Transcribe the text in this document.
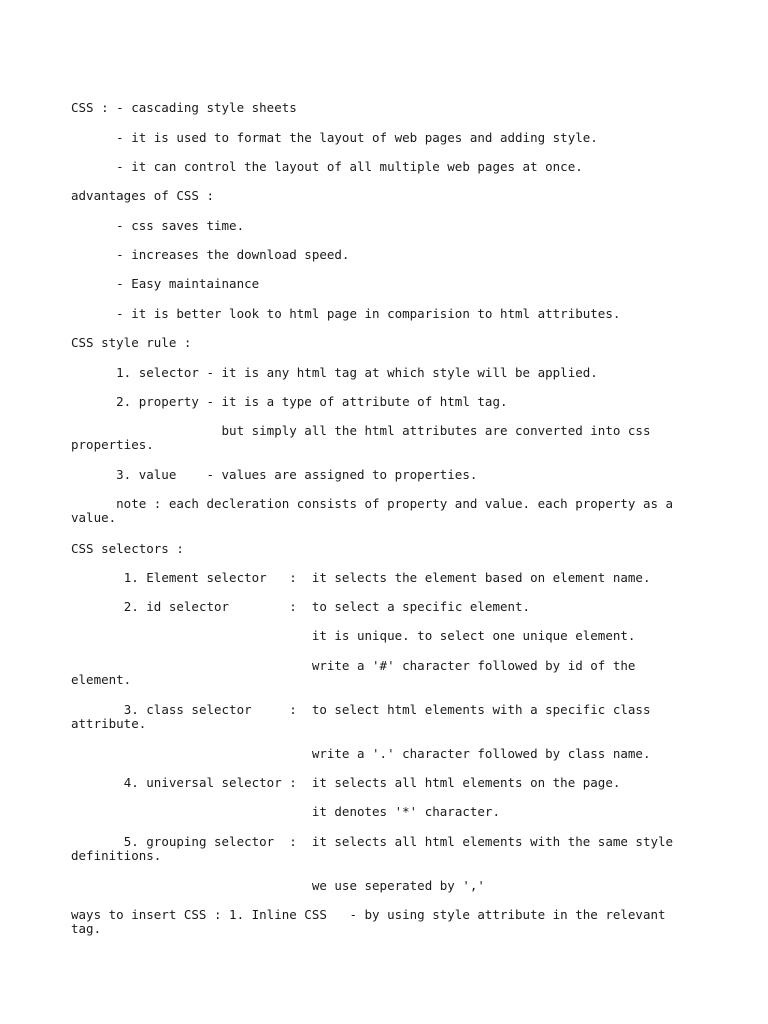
CSS : - cascading style sheets

- it is used to format the layout of web pages and adding style.

- it can control the layout of all multiple web pages at once.

advantages of CSS :

- css saves time.

- increases the download speed.

- Easy maintainance

- it is better look to html page in comparision to html attributes.

CSS style rule :

1. selector - it is any html tag at which style will be applied.

2. property - it is a type of attribute of html tag.

but simply all the html attributes are converted into css
properties.

3. value    - values are assigned to properties.

note : each decleration consists of property and value. each property as a
value.

CSS selectors :

1. Element selector   :  it selects the element based on element name.

2. id selector        :  to select a specific element.

it is unique. to select one unique element.

write a '#' character followed by id of the
element.

3. class selector     :  to select html elements with a specific class
attribute.

write a '.' character followed by class name.

4. universal selector :  it selects all html elements on the page.

it denotes '*' character.

5. grouping selector  :  it selects all html elements with the same style
definitions.

we use seperated by ','

ways to insert CSS : 1. Inline CSS   - by using style attribute in the relevant
tag.
